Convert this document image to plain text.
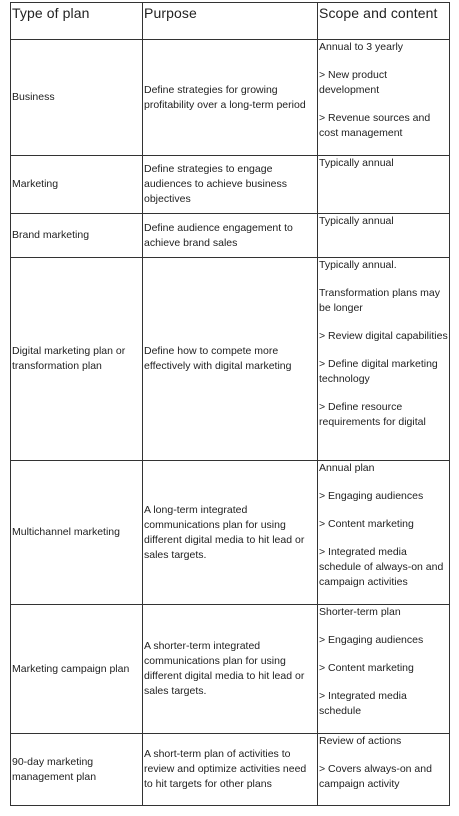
Type of plan	Purpose	Scope and content
Business	Define strategies for growing profitability over a long-term period	Annual to 3 yearly

> New product development

> Revenue sources and cost management

Marketing	Define strategies to engage audiences to achieve business objectives	Typically annual

Brand marketing	Define audience engagement to achieve brand sales	Typically annual

Digital marketing plan or transformation plan	Define how to compete more effectively with digital marketing	Typically annual.

Transformation plans may be longer

> Review digital capabilities

> Define digital marketing technology

> Define resource requirements for digital

Multichannel marketing	A long-term integrated communications plan for using different digital media to hit lead or sales targets.	Annual plan

> Engaging audiences

> Content marketing

> Integrated media schedule of always-on and campaign activities

Marketing campaign plan	A shorter-term integrated communications plan for using different digital media to hit lead or sales targets.	Shorter-term plan

> Engaging audiences

> Content marketing

> Integrated media schedule

90-day marketing management plan	A short-term plan of activities to review and optimize activities need to hit targets for other plans	Review of actions

> Covers always-on and campaign activity
